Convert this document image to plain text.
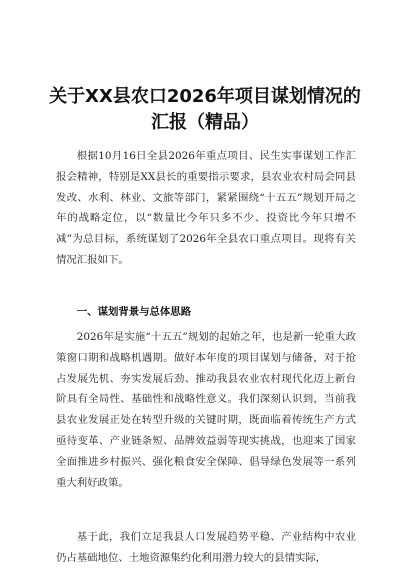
关于XX县农口2026年项目谋划情况的
汇报（精品）

根据10月16日全县2026年重点项目、民生实事谋划工作汇报会精神，特别是XX县长的重要指示要求，县农业农村局会同县发改、水利、林业、文旅等部门，紧紧围绕“十五五”规划开局之年的战略定位，以“数量比今年只多不少、投资比今年只增不减”为总目标，系统谋划了2026年全县农口重点项目。现将有关情况汇报如下。

一、谋划背景与总体思路

2026年是实施“十五五”规划的起始之年，也是新一轮重大政策窗口期和战略机遇期。做好本年度的项目谋划与储备，对于抢占发展先机、夯实发展后劲、推动我县农业农村现代化迈上新台阶具有全局性、基础性和战略性意义。我们深刻认识到，当前我县农业发展正处在转型升级的关键时期，既面临着传统生产方式亟待变革、产业链条短、品牌效益弱等现实挑战，也迎来了国家全面推进乡村振兴、强化粮食安全保障、倡导绿色发展等一系列重大利好政策。

基于此，我们立足我县人口发展趋势平稳、产业结构中农业仍占基础地位、土地资源集约化利用潜力较大的县情实际，
